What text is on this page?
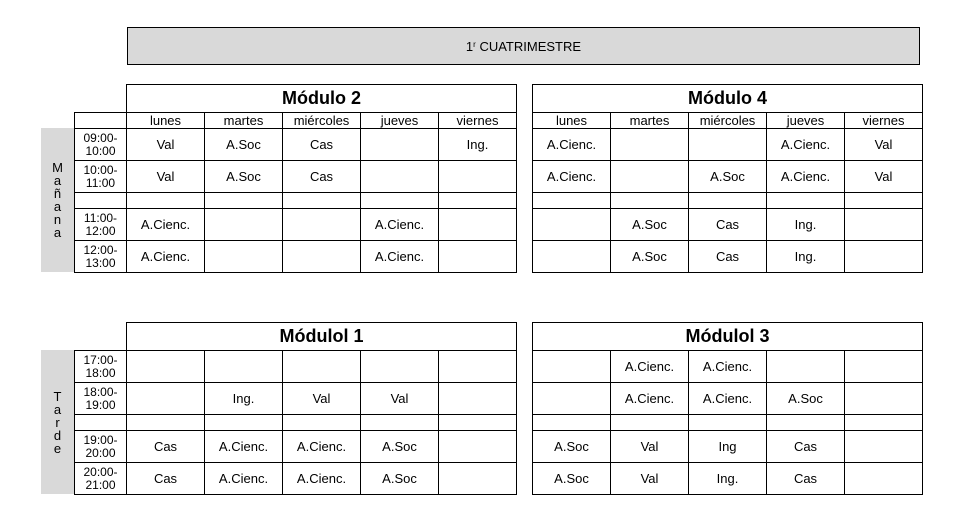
1$^r$
CUATRIMESTRE
M
a
ñ
a
n
a
	Módulo 2				
	lunes	martes	miércoles	jueves	viernes

09:00-
10:00	Val	A.Soc	Cas		Ing.

10:00-
11:00	Val	A.Soc	Cas		

11:00-
12:00	A.Cienc.			A.Cienc.	

12:00-
13:00	A.Cienc.			A.Cienc.	
Módulo 4				
lunes	martes	miércoles	jueves	viernes
A.Cienc.			A.Cienc.	Val
A.Cienc.		A.Soc	A.Cienc.	Val

	A.Soc	Cas	Ing.	
	A.Soc	Cas	Ing.	
T
a
r
d
e
	Módulol 1				

17:00-
18:00					

18:00-
19:00		Ing.	Val	Val	

19:00-
20:00	Cas	A.Cienc.	A.Cienc.	A.Soc	

20:00-
21:00	Cas	A.Cienc.	A.Cienc.	A.Soc	
Módulol 3				
	A.Cienc.	A.Cienc.		
	A.Cienc.	A.Cienc.	A.Soc	

A.Soc	Val	Ing	Cas	
A.Soc	Val	Ing.	Cas	
